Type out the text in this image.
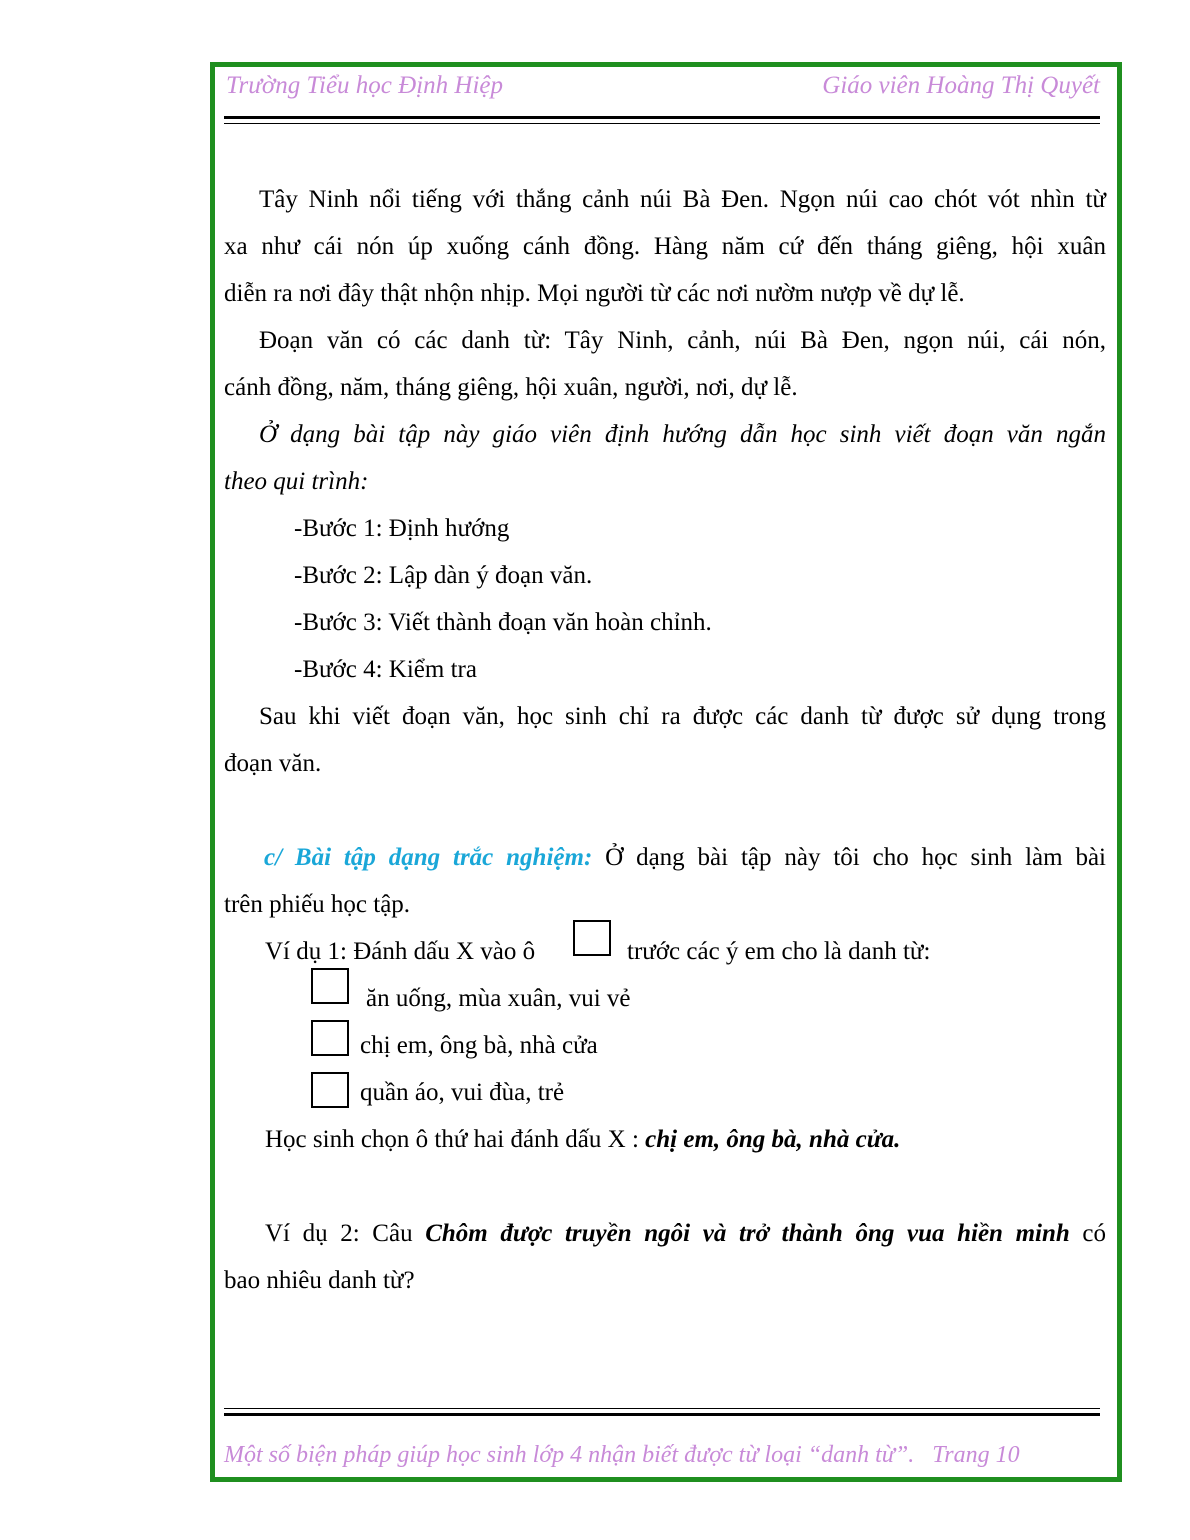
Trường Tiểu học Định Hiệp	Giáo viên Hoàng Thị Quyết
Tây Ninh nổi tiếng với thắng cảnh núi Bà Đen. Ngọn núi cao chót vót nhìn từ
xa như cái nón úp xuống cánh đồng. Hàng năm cứ đến tháng giêng, hội xuân
diễn ra nơi đây thật nhộn nhịp. Mọi người từ các nơi nườm nượp về dự lễ.
Đoạn văn có các danh từ: Tây Ninh, cảnh, núi Bà Đen, ngọn núi, cái nón,
cánh đồng, năm, tháng giêng, hội xuân, người, nơi, dự lễ.
Ở dạng bài tập này giáo viên định hướng dẫn học sinh viết đoạn văn ngắn
theo qui trình:
-Bước 1: Định hướng
-Bước 2: Lập dàn ý đoạn văn.
-Bước 3: Viết thành đoạn văn hoàn chỉnh.
-Bước 4: Kiểm tra
Sau khi viết đoạn văn, học sinh chỉ ra được các danh từ được sử dụng trong
đoạn văn.
c/ Bài tập dạng trắc nghiệm: Ở dạng bài tập này tôi cho học sinh làm bài
trên phiếu học tập.
Ví dụ 1: Đánh dấu X vào ô	trước các ý em cho là danh từ:
ăn uống, mùa xuân, vui vẻ
chị em, ông bà, nhà cửa
quần áo, vui đùa, trẻ
Học sinh chọn ô thứ hai đánh dấu X : chị em, ông bà, nhà cửa.
Ví dụ 2: Câu Chôm được truyền ngôi và trở thành ông vua hiền minh có
bao nhiêu danh từ?
Một số biện pháp giúp học sinh lớp 4 nhận biết được từ loại “danh từ”. Trang 10
